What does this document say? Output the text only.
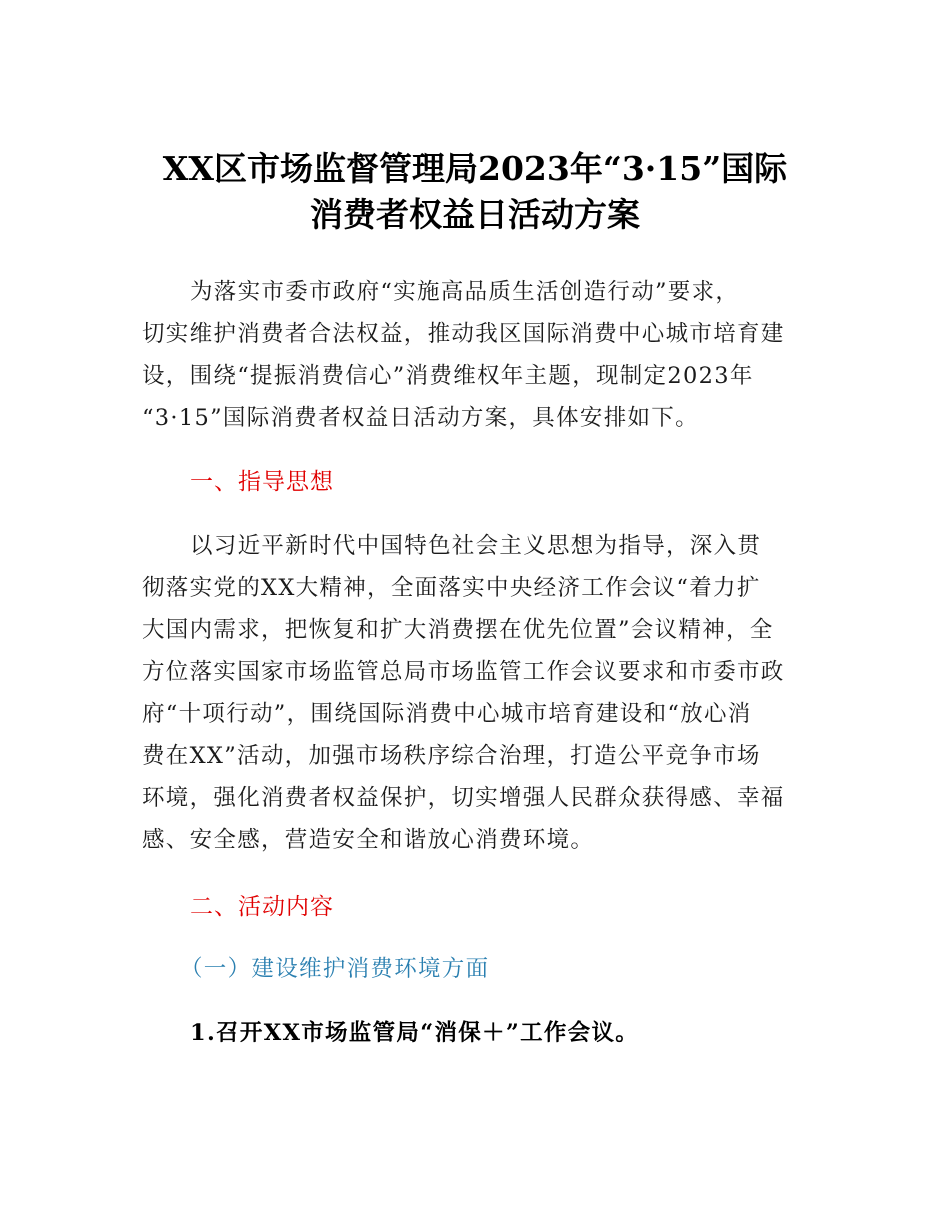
XX区市场监督管理局2023年“3·15”国际
消费者权益日活动方案
为落实市委市政府“实施高品质生活创造行动”要求，
切实维护消费者合法权益，推动我区国际消费中心城市培育建
设，围绕“提振消费信心”消费维权年主题，现制定2023年
“3·15”国际消费者权益日活动方案，具体安排如下。
一、指导思想
以习近平新时代中国特色社会主义思想为指导，深入贯
彻落实党的XX大精神，全面落实中央经济工作会议“着力扩
大国内需求，把恢复和扩大消费摆在优先位置”会议精神，全
方位落实国家市场监管总局市场监管工作会议要求和市委市政
府“十项行动”，围绕国际消费中心城市培育建设和“放心消
费在XX”活动，加强市场秩序综合治理，打造公平竞争市场
环境，强化消费者权益保护，切实增强人民群众获得感、幸福
感、安全感，营造安全和谐放心消费环境。
二、活动内容
（一）建设维护消费环境方面
1.召开XX市场监管局“消保＋”工作会议。
